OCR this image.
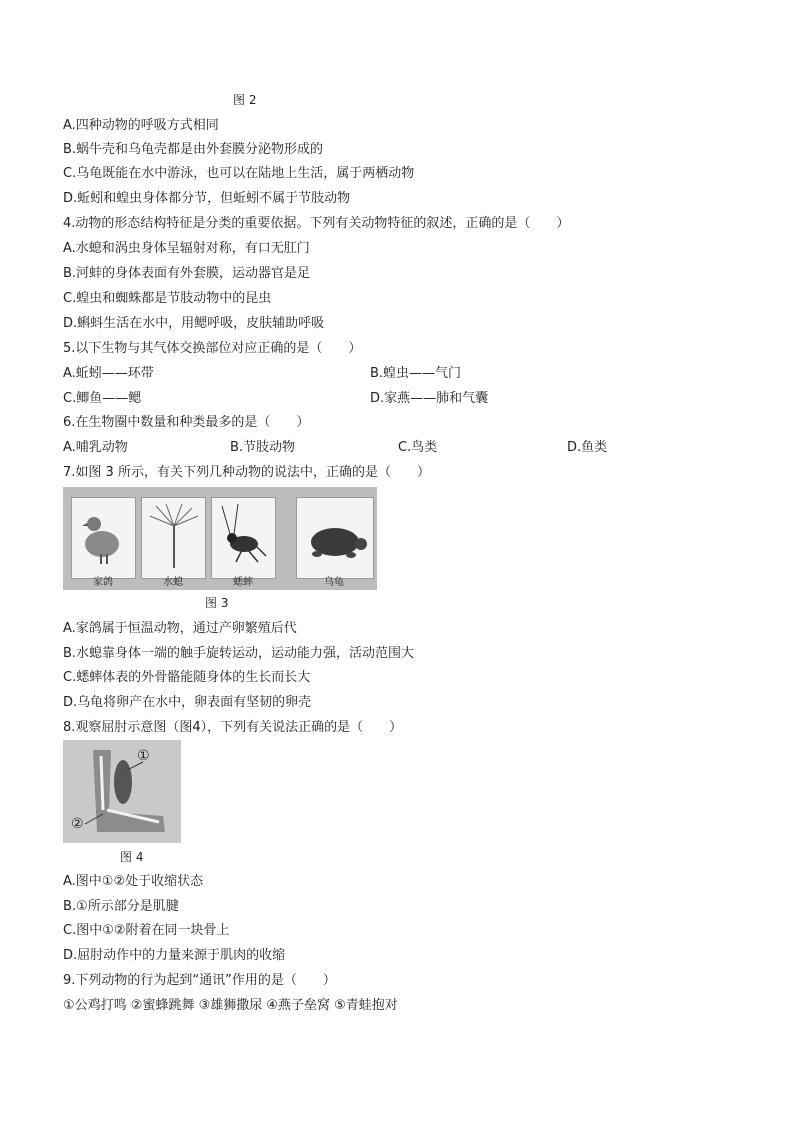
图 2
A.四种动物的呼吸方式相同
B.蜗牛壳和乌龟壳都是由外套膜分泌物形成的
C.乌龟既能在水中游泳，也可以在陆地上生活，属于两栖动物
D.蚯蚓和蝗虫身体都分节，但蚯蚓不属于节肢动物
4.动物的形态结构特征是分类的重要依据。下列有关动物特征的叙述，正确的是（　　）
A.水螅和涡虫身体呈辐射对称，有口无肛门
B.河蚌的身体表面有外套膜，运动器官是足
C.蝗虫和蜘蛛都是节肢动物中的昆虫
D.蝌蚪生活在水中，用鳃呼吸，皮肤辅助呼吸
5.以下生物与其气体交换部位对应正确的是（　　）
A.蚯蚓——环带	B.蝗虫——气门
C.鲫鱼——鳃	D.家燕——肺和气囊
6.在生物圈中数量和种类最多的是（　　）
A.哺乳动物	B.节肢动物	C.鸟类	D.鱼类
7.如图 3 所示，有关下列几种动物的说法中，正确的是（　　）
家鸽	水螅	蟋蟀	乌龟
图 3
A.家鸽属于恒温动物，通过产卵繁殖后代
B.水螅靠身体一端的触手旋转运动，运动能力强，活动范围大
C.蟋蟀体表的外骨骼能随身体的生长而长大
D.乌龟将卵产在水中，卵表面有坚韧的卵壳
8.观察屈肘示意图（图4），下列有关说法正确的是（　　）
①
②
图 4
A.图中①②处于收缩状态
B.①所示部分是肌腱
C.图中①②附着在同一块骨上
D.屈肘动作中的力量来源于肌肉的收缩
9.下列动物的行为起到“通讯”作用的是（　　）
①公鸡打鸣 ②蜜蜂跳舞 ③雄狮撒尿 ④燕子垒窝 ⑤青蛙抱对
